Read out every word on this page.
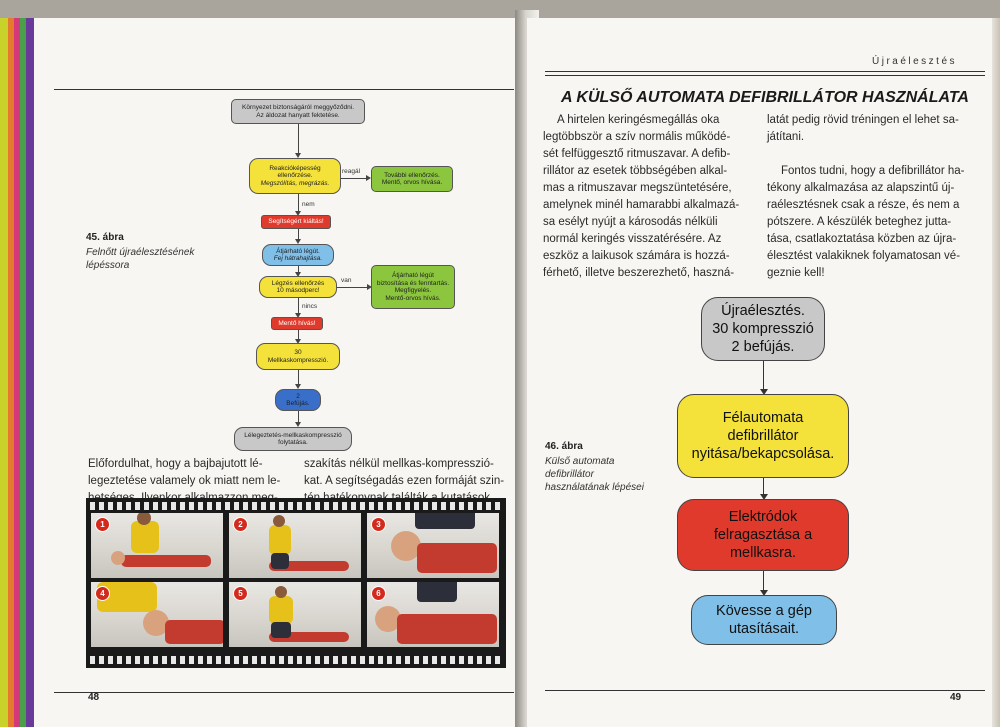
45. ábra
Felnőtt újraélesztésének
lépéssora
Környezet biztonságáról meggyőződni.
Az áldozat hanyatt fektetése.
Reakcióképesség
ellenőrzése.
Megszólítás, megrázás.
reagál	További ellenőrzés.
Mentő, orvos hívása.
nem
Segítségért kiáltás!
Átjárható légút.
Fej hátrahajtása.
Légzés ellenőrzés
10 másodperc!
van
Átjárható légút
biztosítása és fenntartás.
Megfigyelés.
Mentő-orvos hívás.
nincs
Mentő hívás!
30
Mellkaskompresszió.
2
Befújás.
Lélegeztetés-mellkaskompresszió
folytatása.

Előfordulhat, hogy a bajbajutott lé-

legeztetése valamely ok miatt nem le-

szakítás nélkül mellkas-kompresszió-

kat. A segítségadás ezen formáját szin-

48
1	2	3
4	5	6
Újraélesztés
A KÜLSŐ AUTOMATA DEFIBRILLÁTOR HASZNÁLATA

A hirtelen keringésmegállás oka

legtöbbször a szív normális működé-

sét felfüggesztő ritmuszavar. A defib-

rillátor az esetek többségében alkal-

mas a ritmuszavar megszüntetésére,

amelynek minél hamarabbi alkalmazá-

sa esélyt nyújt a károsodás nélküli

normál keringés visszatérésére. Az

eszköz a laikusok számára is hozzá-

férhető, illetve beszerezhető, haszná-

latát pedig rövid tréningen el lehet sa-

játítani.

Fontos tudni, hogy a defibrillátor ha-

tékony alkalmazása az alapszintű új-

raélesztésnek csak a része, és nem a

pótszere. A készülék beteghez jutta-

tása, csatlakoztatása közben az újra-

élesztést valakiknek folyamatosan vé-

geznie kell!

46. ábra
Külső automata
defibrillátor
használatának lépései
Újraélesztés.
30 kompresszió
2 befújás.
Félautomata
defibrillátor
nyitása/bekapcsolása.
Elektródok
felragasztása a
mellkasra.
Kövesse a gép
utasításait.
49
